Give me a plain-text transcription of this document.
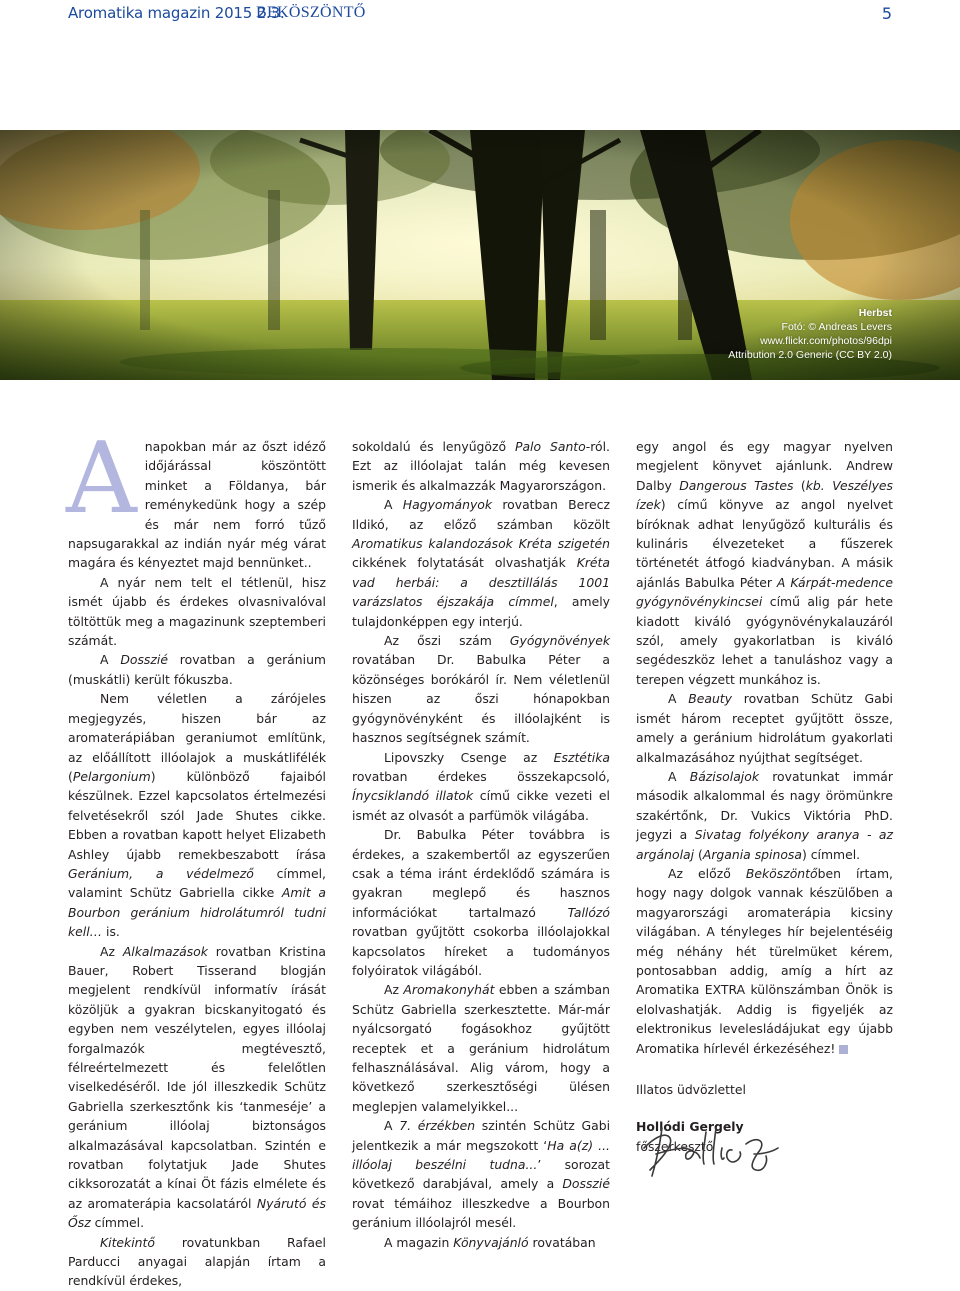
Aromatika magazin 2015 2.3.
BEKÖSZÖNTŐ	5
Herbst
Fotó: © Andreas Levers
www.flickr.com/photos/96dpi
Attribution 2.0 Generic (CC BY 2.0)
A napokban már az őszt idéző időjárással köszöntött minket a Földanya, bár reménykedünk hogy a szép és már nem forró tűző napsugarakkal az indián nyár még várat magára és kényeztet majd bennünket..

A nyár nem telt el tétlenül, hisz ismét újabb és érdekes olvasnivalóval töltöttük meg a magazinunk szeptemberi számát.

A Dosszié rovatban a geránium (muskátli) került fókuszba.

Nem véletlen a zárójeles megjegyzés, hiszen bár az aromaterápiában geraniumot említünk, az előállított illóolajok a muskátlifélék (Pelargonium) különböző fajaiból készülnek. Ezzel kapcsolatos értelmezési felvetésekről szól Jade Shutes cikke. Ebben a rovatban kapott helyet Elizabeth Ashley újabb remekbeszabott írása Geránium, a védelmező címmel, valamint Schütz Gabriella cikke Amit a Bourbon geránium hidrolátumról tudni kell… is.

Az Alkalmazások rovatban Kristina Bauer, Robert Tisserand blogján megjelent rendkívül informatív írását közöljük a gyakran bicskanyitogató és egyben nem veszélytelen, egyes illóolaj forgalmazók megtévesztő, félreértelmezett és felelőtlen viselkedéséről. Ide jól illeszkedik Schütz Gabriella szerkesztőnk kis ‘tanmeséje’ a geránium illóolaj biztonságos alkalmazásával kapcsolatban. Szintén e rovatban folytatjuk Jade Shutes cikksorozatát a kínai Öt fázis elmélete és az aromaterápia kacsolatáról Nyárutó és Ősz címmel.

Kitekintő rovatunkban Rafael Parducci anyagai alapján írtam a rendkívül érdekes,

sokoldalú és lenyűgöző Palo Santo-ról. Ezt az illóolajat talán még kevesen ismerik és alkalmazzák Magyarországon.

A Hagyományok rovatban Berecz Ildikó, az előző számban közölt Aromatikus kalandozások Kréta szigetén cikkének folytatását olvashatják Kréta vad herbái: a desztillálás 1001 varázslatos éjszakája címmel, amely tulajdonképpen egy interjú.

Az őszi szám Gyógynövények rovatában Dr. Babulka Péter a közönséges borókáról ír. Nem véletlenül hiszen az őszi hónapokban gyógynövényként és illóolajként is hasznos segítségnek számít.

Lipovszky Csenge az Esztétika rovatban érdekes összekapcsoló, Ínycsiklandó illatok című cikke vezeti el ismét az olvasót a parfümök világába.

Dr. Babulka Péter továbbra is érdekes, a szakembertől az egyszerűen csak a téma iránt érdeklődő számára is gyakran meglepő és hasznos információkat tartalmazó Tallózó rovatban gyűjtött csokorba illóolajokkal kapcsolatos híreket a tudományos folyóiratok világából.

Az Aromakonyhát ebben a számban Schütz Gabriella szerkesztette. Már-már nyálcsorgató fogásokhoz gyűjtött receptek et a geránium hidrolátum felhasználásával. Alig várom, hogy a következő szerkesztőségi ülésen meglepjen valamelyikkel...

A 7. érzékben szintén Schütz Gabi jelentkezik a már megszokott ‘Ha a(z) ... illóolaj beszélni tudna...’ sorozat következő darabjával, amely a Dosszié rovat témáihoz illeszkedve a Bourbon geránium illóolajról mesél.

A magazin Könyvajánló rovatában

egy angol és egy magyar nyelven megjelent könyvet ajánlunk. Andrew Dalby Dangerous Tastes (kb. Veszélyes ízek) című könyve az angol nyelvet bíróknak adhat lenyűgöző kulturális és kulináris élvezeteket a fűszerek történetét átfogó kiadványban. A másik ajánlás Babulka Péter A Kárpát-medence gyógynövénykincsei című alig pár hete kiadott kiváló gyógynövénykalauzáról szól, amely gyakorlatban is kiváló segédeszköz lehet a tanuláshoz vagy a terepen végzett munkához is.

A Beauty rovatban Schütz Gabi ismét három receptet gyűjtött össze, amely a geránium hidrolátum gyakorlati alkalmazásához nyújthat segítséget.

A Bázisolajok rovatunkat immár második alkalommal és nagy örömünkre szakértőnk, Dr. Vukics Viktória PhD. jegyzi a Sivatag folyékony aranya - az argánolaj (Argania spinosa) címmel.

Az előző Beköszöntőben írtam, hogy nagy dolgok vannak készülőben a magyarországi aromaterápia kicsiny világában. A tényleges hír bejelentéséig még néhány hét türelmüket kérem, pontosabban addig, amíg a hírt az Aromatika EXTRA különszámban Önök is elolvashatják. Addig is figyeljék az elektronikus levelesládájukat egy újabb Aromatika hírlevél érkezéséhez!

Illatos üdvözlettel
Hollódi Gergely
főszerkesztő
